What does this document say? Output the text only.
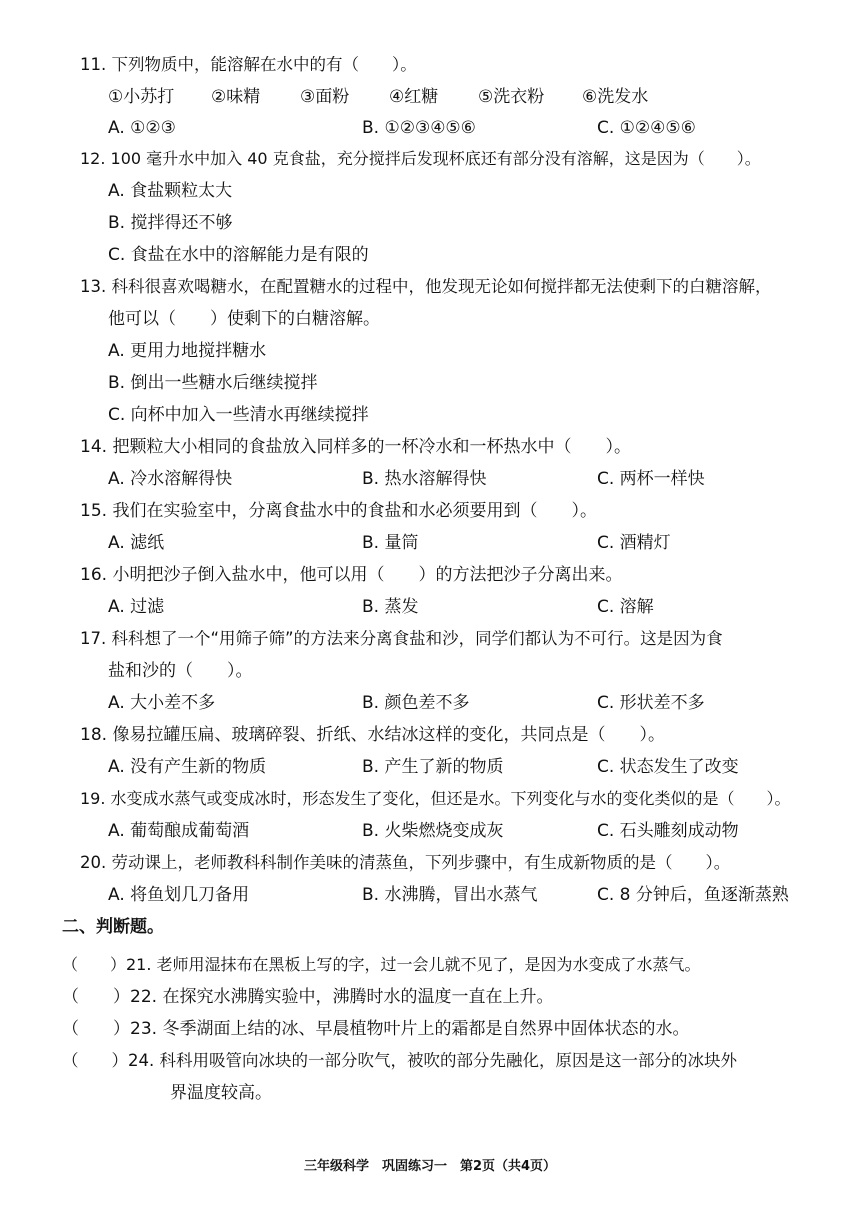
11. 下列物质中，能溶解在水中的有（　　）。
①小苏打 ②味精 ③面粉 ④红糖 ⑤洗衣粉 ⑥洗发水
A. ①②③	B. ①②③④⑤⑥	C. ①②④⑤⑥
12. 100 毫升水中加入 40 克食盐，充分搅拌后发现杯底还有部分没有溶解，这是因为（　　）。
A. 食盐颗粒太大
B. 搅拌得还不够
C. 食盐在水中的溶解能力是有限的
13. 科科很喜欢喝糖水，在配置糖水的过程中，他发现无论如何搅拌都无法使剩下的白糖溶解，
他可以（　　）使剩下的白糖溶解。
A. 更用力地搅拌糖水
B. 倒出一些糖水后继续搅拌
C. 向杯中加入一些清水再继续搅拌
14. 把颗粒大小相同的食盐放入同样多的一杯冷水和一杯热水中（　　）。
A. 冷水溶解得快	B. 热水溶解得快	C. 两杯一样快
15. 我们在实验室中，分离食盐水中的食盐和水必须要用到（　　）。
A. 滤纸	B. 量筒	C. 酒精灯
16. 小明把沙子倒入盐水中，他可以用（　　）的方法把沙子分离出来。
A. 过滤	B. 蒸发	C. 溶解
17. 科科想了一个“用筛子筛”的方法来分离食盐和沙，同学们都认为不可行。这是因为食
盐和沙的（　　）。
A. 大小差不多	B. 颜色差不多	C. 形状差不多
18. 像易拉罐压扁、玻璃碎裂、折纸、水结冰这样的变化，共同点是（　　）。
A. 没有产生新的物质	B. 产生了新的物质	C. 状态发生了改变
19. 水变成水蒸气或变成冰时，形态发生了变化，但还是水。下列变化与水的变化类似的是（　　）。
A. 葡萄酿成葡萄酒	B. 火柴燃烧变成灰	C. 石头雕刻成动物
20. 劳动课上，老师教科科制作美味的清蒸鱼，下列步骤中，有生成新物质的是（　　）。
A. 将鱼划几刀备用	B. 水沸腾，冒出水蒸气	C. 8 分钟后，鱼逐渐蒸熟
二、判断题。
（　　）21. 老师用湿抹布在黑板上写的字，过一会儿就不见了，是因为水变成了水蒸气。
（　　）22. 在探究水沸腾实验中，沸腾时水的温度一直在上升。
（　　）23. 冬季湖面上结的冰、早晨植物叶片上的霜都是自然界中固体状态的水。
（　　）24. 科科用吸管向冰块的一部分吹气，被吹的部分先融化，原因是这一部分的冰块外
界温度较高。
三年级科学　巩固练习一　第2页（共4页）
